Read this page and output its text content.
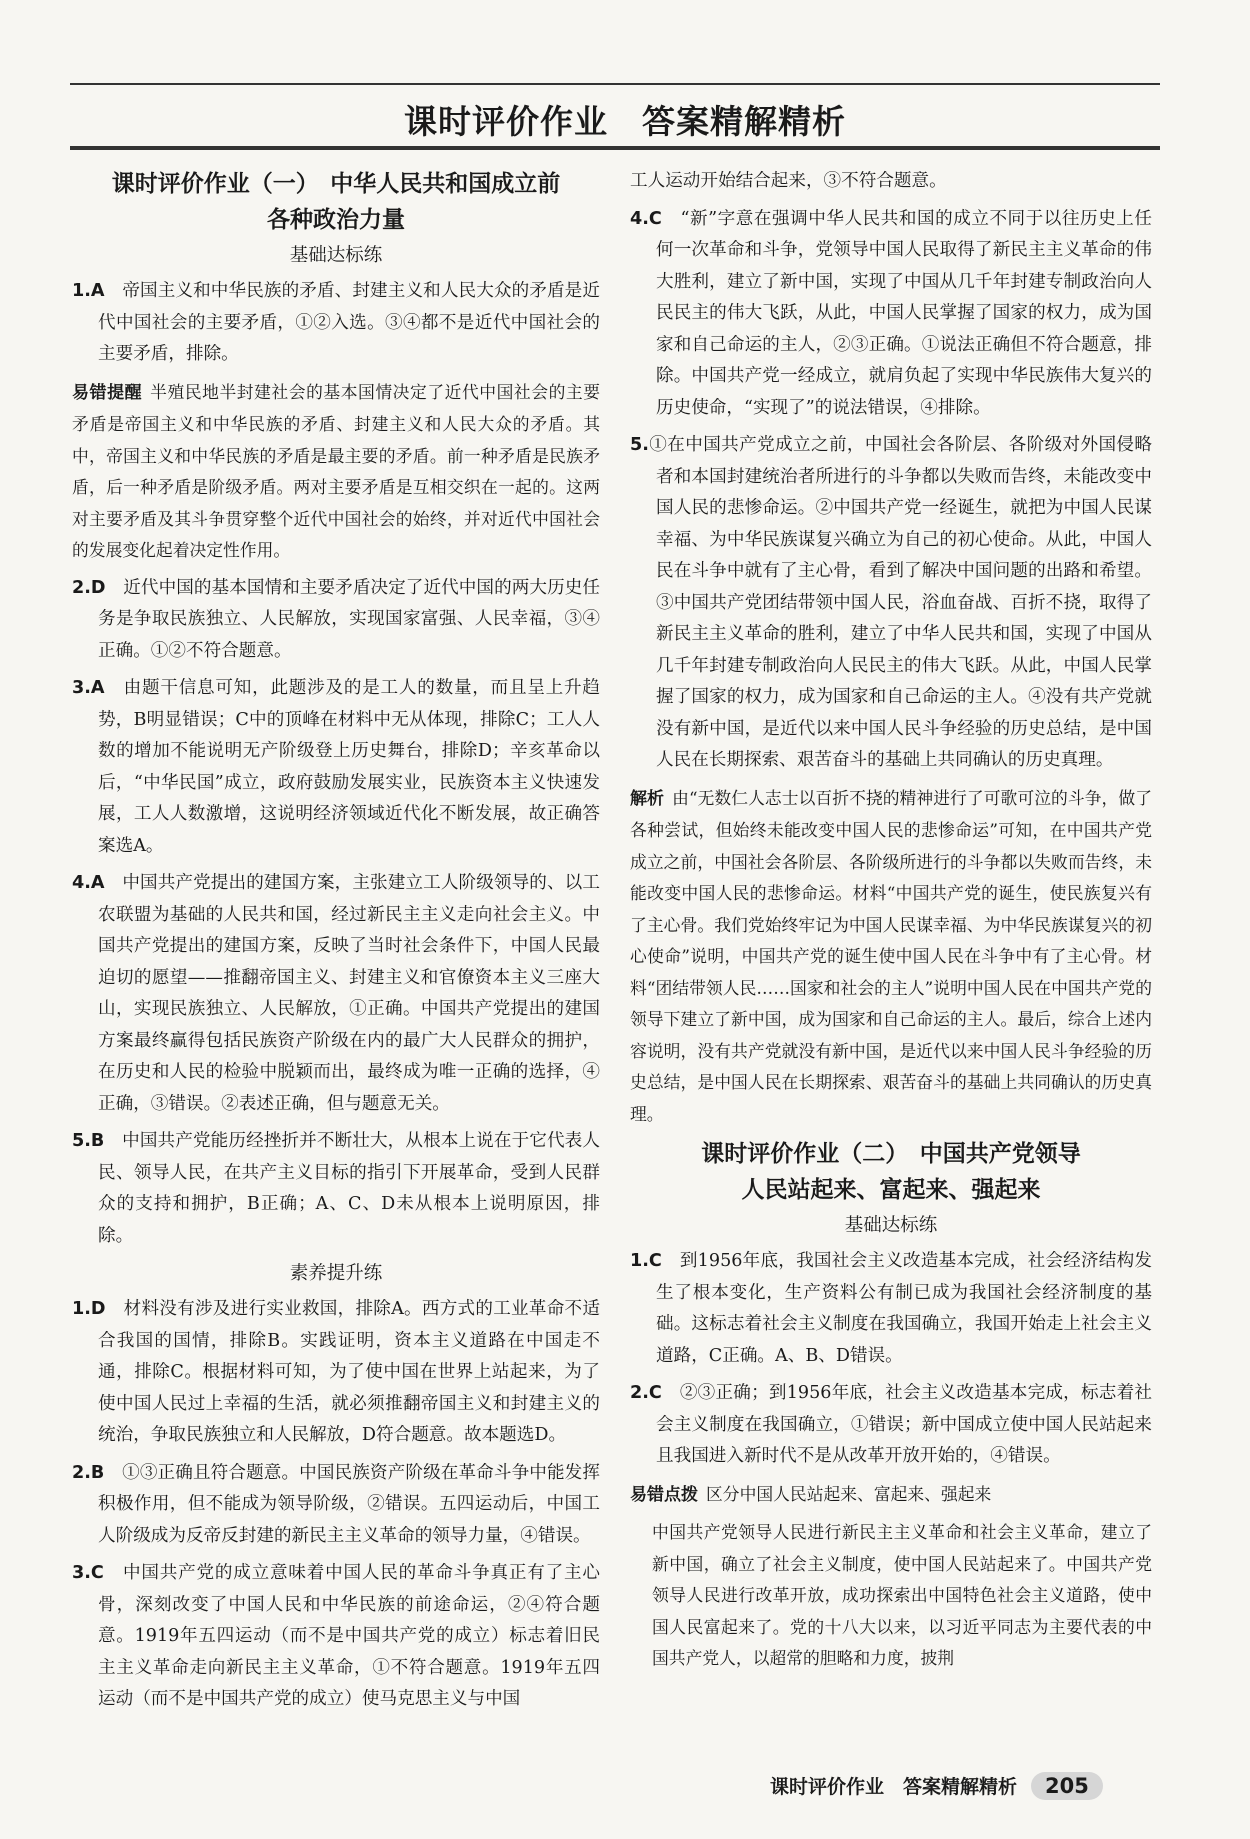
课时评价作业　答案精解精析
课时评价作业（一）　中华人民共和国成立前
各种政治力量
基础达标练

1.A　 帝国主义和中华民族的矛盾、封建主义和人民大众的矛盾是近代中国社会的主要矛盾，①②入选。③④都不是近代中国社会的主要矛盾，排除。

易错提醒 半殖民地半封建社会的基本国情决定了近代中国社会的主要矛盾是帝国主义和中华民族的矛盾、封建主义和人民大众的矛盾。其中，帝国主义和中华民族的矛盾是最主要的矛盾。前一种矛盾是民族矛盾，后一种矛盾是阶级矛盾。两对主要矛盾是互相交织在一起的。这两对主要矛盾及其斗争贯穿整个近代中国社会的始终，并对近代中国社会的发展变化起着决定性作用。

2.D　 近代中国的基本国情和主要矛盾决定了近代中国的两大历史任务是争取民族独立、人民解放，实现国家富强、人民幸福，③④正确。①②不符合题意。

3.A　 由题干信息可知，此题涉及的是工人的数量，而且呈上升趋势，B明显错误；C中的顶峰在材料中无从体现，排除C；工人人数的增加不能说明无产阶级登上历史舞台，排除D；辛亥革命以后，“中华民国”成立，政府鼓励发展实业，民族资本主义快速发展，工人人数激增，这说明经济领域近代化不断发展，故正确答案选A。

4.A　 中国共产党提出的建国方案，主张建立工人阶级领导的、以工农联盟为基础的人民共和国，经过新民主主义走向社会主义。中国共产党提出的建国方案，反映了当时社会条件下，中国人民最迫切的愿望——推翻帝国主义、封建主义和官僚资本主义三座大山，实现民族独立、人民解放，①正确。中国共产党提出的建国方案最终赢得包括民族资产阶级在内的最广大人民群众的拥护，在历史和人民的检验中脱颖而出，最终成为唯一正确的选择，④正确，③错误。②表述正确，但与题意无关。

5.B　 中国共产党能历经挫折并不断壮大，从根本上说在于它代表人民、领导人民，在共产主义目标的指引下开展革命，受到人民群众的支持和拥护，B正确；A、C、D未从根本上说明原因，排除。

素养提升练

1.D　 材料没有涉及进行实业救国，排除A。西方式的工业革命不适合我国的国情，排除B。实践证明，资本主义道路在中国走不通，排除C。根据材料可知，为了使中国在世界上站起来，为了使中国人民过上幸福的生活，就必须推翻帝国主义和封建主义的统治，争取民族独立和人民解放，D符合题意。故本题选D。

2.B　 ①③正确且符合题意。中国民族资产阶级在革命斗争中能发挥积极作用，但不能成为领导阶级，②错误。五四运动后，中国工人阶级成为反帝反封建的新民主主义革命的领导力量，④错误。

3.C　 中国共产党的成立意味着中国人民的革命斗争真正有了主心骨，深刻改变了中国人民和中华民族的前途命运，②④符合题意。1919年五四运动（而不是中国共产党的成立）标志着旧民主主义革命走向新民主主义革命，①不符合题意。1919年五四运动（而不是中国共产党的成立）使马克思主义与中国

工人运动开始结合起来，③不符合题意。

4.C　 “新”字意在强调中华人民共和国的成立不同于以往历史上任何一次革命和斗争，党领导中国人民取得了新民主主义革命的伟大胜利，建立了新中国，实现了中国从几千年封建专制政治向人民民主的伟大飞跃，从此，中国人民掌握了国家的权力，成为国家和自己命运的主人，②③正确。①说法正确但不符合题意，排除。中国共产党一经成立，就肩负起了实现中华民族伟大复兴的历史使命，“实现了”的说法错误，④排除。

5.①在中国共产党成立之前，中国社会各阶层、各阶级对外国侵略者和本国封建统治者所进行的斗争都以失败而告终，未能改变中国人民的悲惨命运。②中国共产党一经诞生，就把为中国人民谋幸福、为中华民族谋复兴确立为自己的初心使命。从此，中国人民在斗争中就有了主心骨，看到了解决中国问题的出路和希望。③中国共产党团结带领中国人民，浴血奋战、百折不挠，取得了新民主主义革命的胜利，建立了中华人民共和国，实现了中国从几千年封建专制政治向人民民主的伟大飞跃。从此，中国人民掌握了国家的权力，成为国家和自己命运的主人。④没有共产党就没有新中国，是近代以来中国人民斗争经验的历史总结，是中国人民在长期探索、艰苦奋斗的基础上共同确认的历史真理。

解析 由“无数仁人志士以百折不挠的精神进行了可歌可泣的斗争，做了各种尝试，但始终未能改变中国人民的悲惨命运”可知，在中国共产党成立之前，中国社会各阶层、各阶级所进行的斗争都以失败而告终，未能改变中国人民的悲惨命运。材料“中国共产党的诞生，使民族复兴有了主心骨。我们党始终牢记为中国人民谋幸福、为中华民族谋复兴的初心使命”说明，中国共产党的诞生使中国人民在斗争中有了主心骨。材料“团结带领人民……国家和社会的主人”说明中国人民在中国共产党的领导下建立了新中国，成为国家和自己命运的主人。最后，综合上述内容说明，没有共产党就没有新中国，是近代以来中国人民斗争经验的历史总结，是中国人民在长期探索、艰苦奋斗的基础上共同确认的历史真理。

课时评价作业（二）　中国共产党领导
人民站起来、富起来、强起来
基础达标练

1.C　 到1956年底，我国社会主义改造基本完成，社会经济结构发生了根本变化，生产资料公有制已成为我国社会经济制度的基础。这标志着社会主义制度在我国确立，我国开始走上社会主义道路，C正确。A、B、D错误。

2.C　 ②③正确；到1956年底，社会主义改造基本完成，标志着社会主义制度在我国确立，①错误；新中国成立使中国人民站起来且我国进入新时代不是从改革开放开始的，④错误。

易错点拨 区分中国人民站起来、富起来、强起来

中国共产党领导人民进行新民主主义革命和社会主义革命，建立了新中国，确立了社会主义制度，使中国人民站起来了。中国共产党领导人民进行改革开放，成功探索出中国特色社会主义道路，使中国人民富起来了。党的十八大以来，以习近平同志为主要代表的中国共产党人，以超常的胆略和力度，披荆
课时评价作业　答案精解精析 205
